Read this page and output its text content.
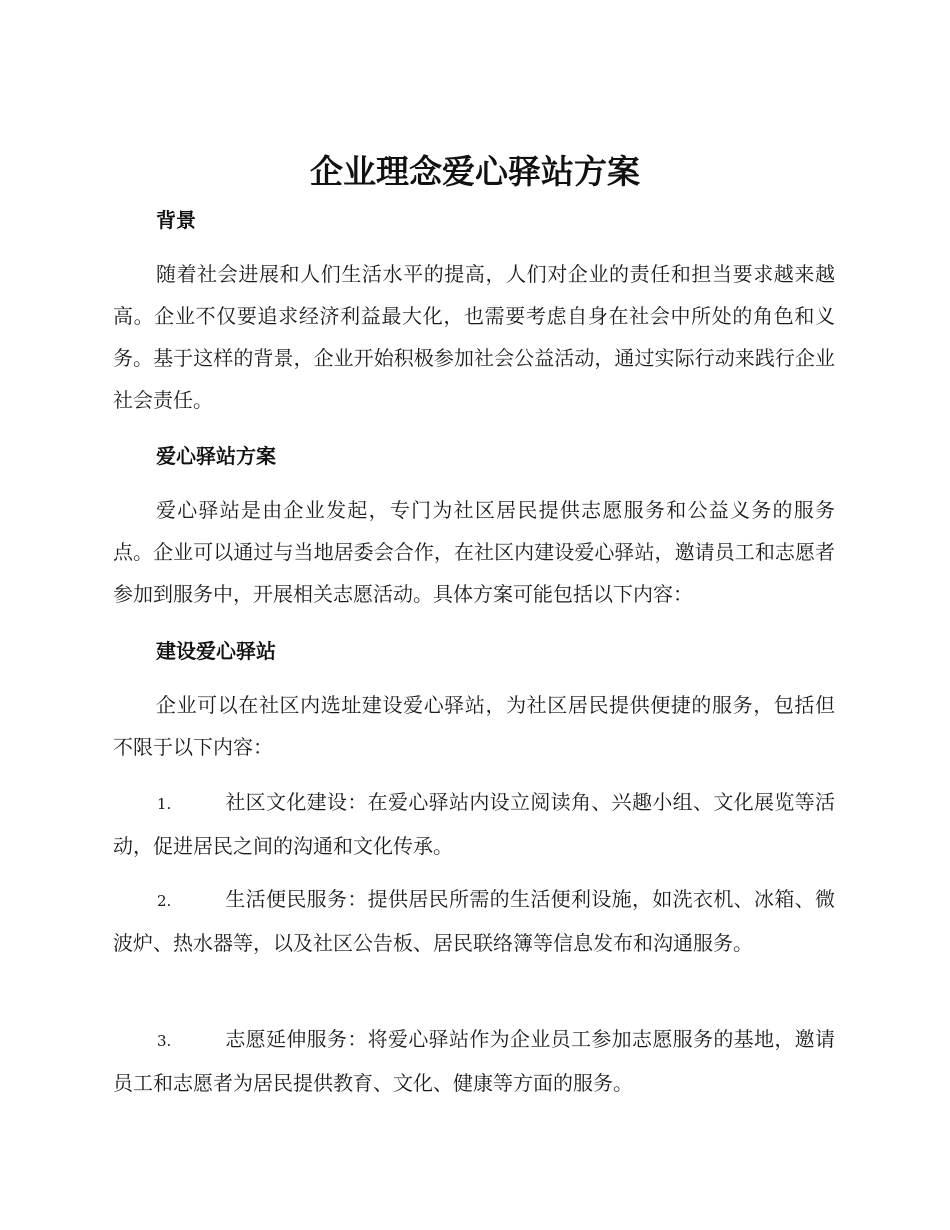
企业理念爱心驿站方案
背景
随着社会进展和人们生活水平的提高，人们对企业的责任和担当要求越来越高。企业不仅要追求经济利益最大化，也需要考虑自身在社会中所处的角色和义务。基于这样的背景，企业开始积极参加社会公益活动，通过实际行动来践行企业社会责任。
爱心驿站方案
爱心驿站是由企业发起，专门为社区居民提供志愿服务和公益义务的服务点。企业可以通过与当地居委会合作，在社区内建设爱心驿站，邀请员工和志愿者参加到服务中，开展相关志愿活动。具体方案可能包括以下内容：
建设爱心驿站
企业可以在社区内选址建设爱心驿站，为社区居民提供便捷的服务，包括但不限于以下内容：
1.	社区文化建设：在爱心驿站内设立阅读角、兴趣小组、文化展览等活动，促进居民之间的沟通和文化传承。
2.	生活便民服务：提供居民所需的生活便利设施，如洗衣机、冰箱、微波炉、热水器等，以及社区公告板、居民联络簿等信息发布和沟通服务。
3.	志愿延伸服务：将爱心驿站作为企业员工参加志愿服务的基地，邀请员工和志愿者为居民提供教育、文化、健康等方面的服务。
